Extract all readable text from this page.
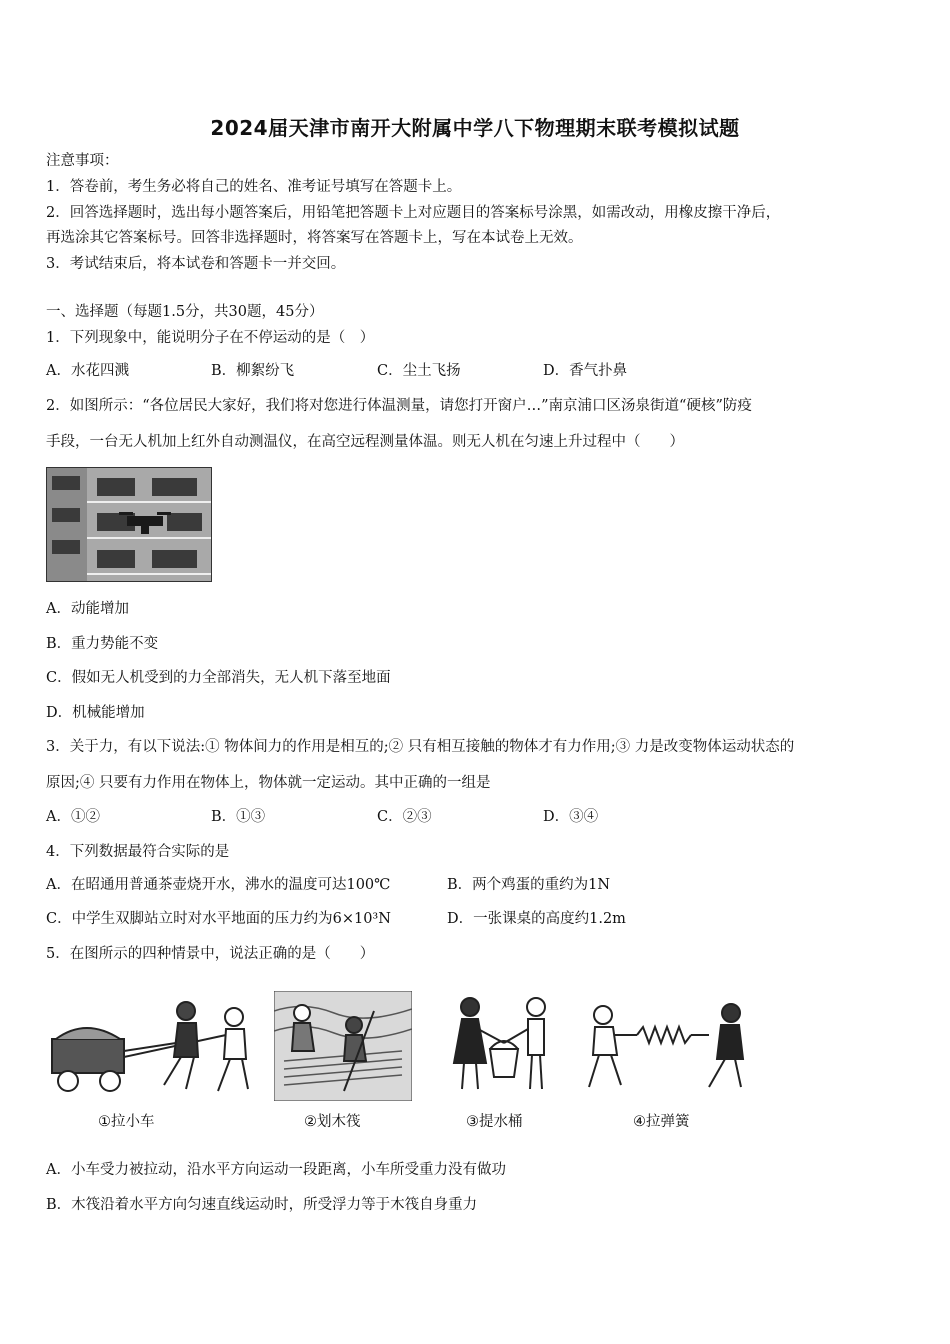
2024届天津市南开大附属中学八下物理期末联考模拟试题
注意事项：
1．答卷前，考生务必将自己的姓名、准考证号填写在答题卡上。
2．回答选择题时，选出每小题答案后，用铅笔把答题卡上对应题目的答案标号涂黑，如需改动，用橡皮擦干净后，
再选涂其它答案标号。回答非选择题时，将答案写在答题卡上，写在本试卷上无效。
3．考试结束后，将本试卷和答题卡一并交回。
一、选择题（每题1.5分，共30题，45分）
1．下列现象中，能说明分子在不停运动的是（　）
A．水花四溅	B．柳絮纷飞	C．尘土飞扬	D．香气扑鼻
2．如图所示：“各位居民大家好，我们将对您进行体温测量，请您打开窗户…”南京浦口区汤泉街道“硬核”防疫
手段，一台无人机加上红外自动测温仪，在高空远程测量体温。则无人机在匀速上升过程中（　　）
A．动能增加
B．重力势能不变
C．假如无人机受到的力全部消失，无人机下落至地面
D．机械能增加
3．关于力，有以下说法:① 物体间力的作用是相互的;② 只有相互接触的物体才有力作用;③ 力是改变物体运动状态的
原因;④ 只要有力作用在物体上，物体就一定运动。其中正确的一组是
A．①②	B．①③	C．②③	D．③④
4．下列数据最符合实际的是
A．在昭通用普通茶壶烧开水，沸水的温度可达100℃	B．两个鸡蛋的重约为1N
C．中学生双脚站立时对水平地面的压力约为6×10³N	D．一张课桌的高度约1.2m
5．在图所示的四种情景中，说法正确的是（　　）
①拉小车	②划木筏	③提水桶	④拉弹簧
A．小车受力被拉动，沿水平方向运动一段距离，小车所受重力没有做功
B．木筏沿着水平方向匀速直线运动时，所受浮力等于木筏自身重力
